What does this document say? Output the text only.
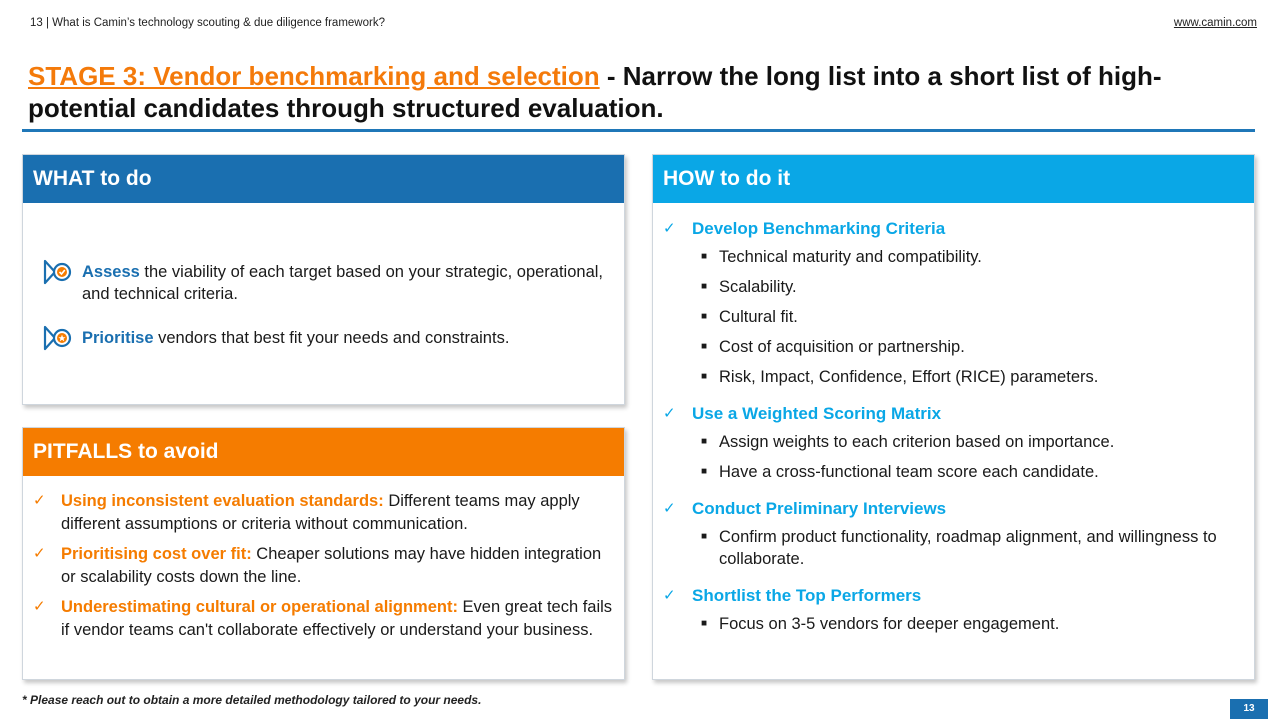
13 | What is Camin’s technology scouting & due diligence framework?	www.camin.com
STAGE 3: Vendor benchmarking and selection - Narrow the long list into a short list of high-potential candidates through structured evaluation.
WHAT to do
Assess the viability of each target based on your strategic, operational, and technical criteria.
Prioritise vendors that best fit your needs and constraints.
PITFALLS to avoid
✓ Using inconsistent evaluation standards: Different teams may apply different assumptions or criteria without communication.
✓ Prioritising cost over fit: Cheaper solutions may have hidden integration or scalability costs down the line.
✓ Underestimating cultural or operational alignment: Even great tech fails if vendor teams can't collaborate effectively or understand your business.
HOW to do it
✓ Develop Benchmarking Criteria
■ Technical maturity and compatibility.
■ Scalability.
■ Cultural fit.
■ Cost of acquisition or partnership.
■ Risk, Impact, Confidence, Effort (RICE) parameters.
✓ Use a Weighted Scoring Matrix
■ Assign weights to each criterion based on importance.
■ Have a cross-functional team score each candidate.
✓ Conduct Preliminary Interviews
■ Confirm product functionality, roadmap alignment, and willingness to collaborate.
✓ Shortlist the Top Performers
■ Focus on 3-5 vendors for deeper engagement.
* Please reach out to obtain a more detailed methodology tailored to your needs.
13
